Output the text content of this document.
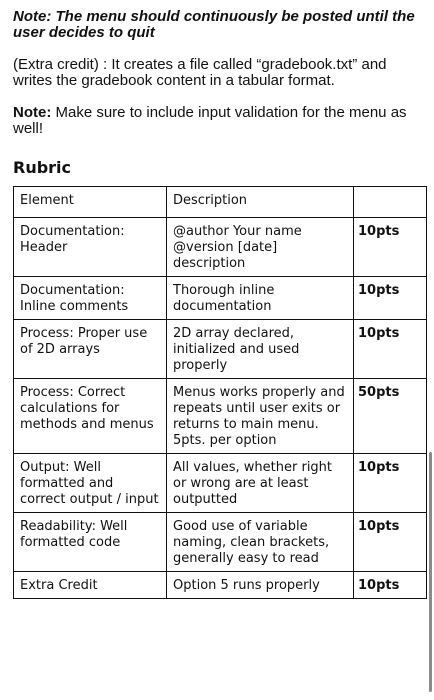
Note: The menu should continuously be posted until the user decides to quit
(Extra credit) : It creates a file called “gradebook.txt” and writes the gradebook content in a tabular format.
Note: Make sure to include input validation for the menu as well!
Rubric
Element	Description	
Documentation: Header	@author Your name @version [date] description	10pts
Documentation: Inline comments	Thorough inline documentation	10pts
Process: Proper use of 2D arrays	2D array declared, initialized and used properly	10pts
Process: Correct calculations for methods and menus	Menus works properly and repeats until user exits or returns to main menu. 5pts. per option	50pts
Output: Well formatted and correct output / input	All values, whether right or wrong are at least outputted	10pts
Readability: Well formatted code	Good use of variable naming, clean brackets, generally easy to read	10pts
Extra Credit	Option 5 runs properly	10pts
